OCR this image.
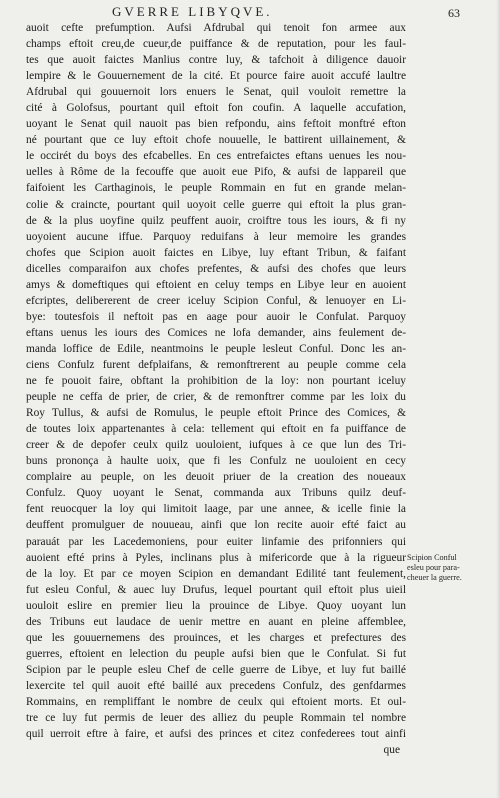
GVERRE LIBYQVE.	63
auoit cefte prefumption. Aufsi Afdrubal qui tenoit fon armee aux
champs eftoit creu,de cueur,de puiffance & de reputation, pour les faul-
tes que auoit faictes Manlius contre luy, & tafchoit à diligence dauoir
lempire & le Gouuernement de la cité. Et pource faire auoit accufé laultre
Afdrubal qui gouuernoit lors enuers le Senat, quil vouloit remettre la
cité à Golofsus, pourtant quil eftoit fon coufin. A laquelle accufation,
uoyant le Senat quil nauoit pas bien refpondu, ains feftoit monftré efton
né pourtant que ce luy eftoit chofe nouuelle, le battirent uillainement, &
le occirét du boys des efcabelles. En ces entrefaictes eftans uenues les nou-
uelles à Rôme de la fecouffe que auoit eue Pifo, & aufsi de lappareil que
faifoient les Carthaginois, le peuple Rommain en fut en grande melan-
colie & craincte, pourtant quil uoyoit celle guerre qui eftoit la plus gran-
de & la plus uoyfine quilz peuffent auoir, croiftre tous les iours, & fi ny
uoyoient aucune iffue. Parquoy reduifans à leur memoire les grandes
chofes que Scipion auoit faictes en Libye, luy eftant Tribun, & faifant
dicelles comparaifon aux chofes prefentes, & aufsi des chofes que leurs
amys & domeftiques qui eftoient en celuy temps en Libye leur en auoient
efcriptes, delibererent de creer iceluy Scipion Conful, & lenuoyer en Li-
bye: toutesfois il neftoit pas en aage pour auoir le Confulat. Parquoy
eftans uenus les iours des Comices ne lofa demander, ains feulement de-
manda loffice de Edile, neantmoins le peuple lesleut Conful. Donc les an-
ciens Confulz furent defplaifans, & remonftrerent au peuple comme cela
ne fe pouoit faire, obftant la prohibition de la loy: non pourtant iceluy
peuple ne ceffa de prier, de crier, & de remonftrer comme par les loix du
Roy Tullus, & aufsi de Romulus, le peuple eftoit Prince des Comices, &
de toutes loix appartenantes à cela: tellement qui eftoit en fa puiffance de
creer & de depofer ceulx quilz uouloient, iufques à ce que lun des Tri-
buns prononça à haulte uoix, que fi les Confulz ne uouloient en cecy
complaire au peuple, on les deuoit priuer de la creation des noueaux
Confulz. Quoy uoyant le Senat, commanda aux Tribuns quilz deuf-
fent reuocquer la loy qui limitoit laage, par une annee, & icelle finie la
deuffent promulguer de nouueau, ainfi que lon recite auoir efté faict au
parauát par les Lacedemoniens, pour euiter linfamie des prifonniers qui
auoient efté prins à Pyles, inclinans plus à mifericorde que à la rigueur
de la loy. Et par ce moyen Scipion en demandant Edilité tant feulement,
fut esleu Conful, & auec luy Drufus, lequel pourtant quil eftoit plus uieil
uouloit eslire en premier lieu la prouince de Libye. Quoy uoyant lun
des Tribuns eut laudace de uenir mettre en auant en pleine affemblee,
que les gouuernemens des prouinces, et les charges et prefectures des
guerres, eftoient en lelection du peuple aufsi bien que le Confulat. Si fut
Scipion par le peuple esleu Chef de celle guerre de Libye, et luy fut baillé
lexercite tel quil auoit efté baillé aux precedens Confulz, des genfdarmes
Rommains, en rempliffant le nombre de ceulx qui eftoient morts. Et oul-
tre ce luy fut permis de leuer des alliez du peuple Rommain tel nombre
quil uerroit eftre à faire, et aufsi des princes et citez confederees tout ainfi
que
Scipion Conful
esleu pour para-
cheuer la guerre.
